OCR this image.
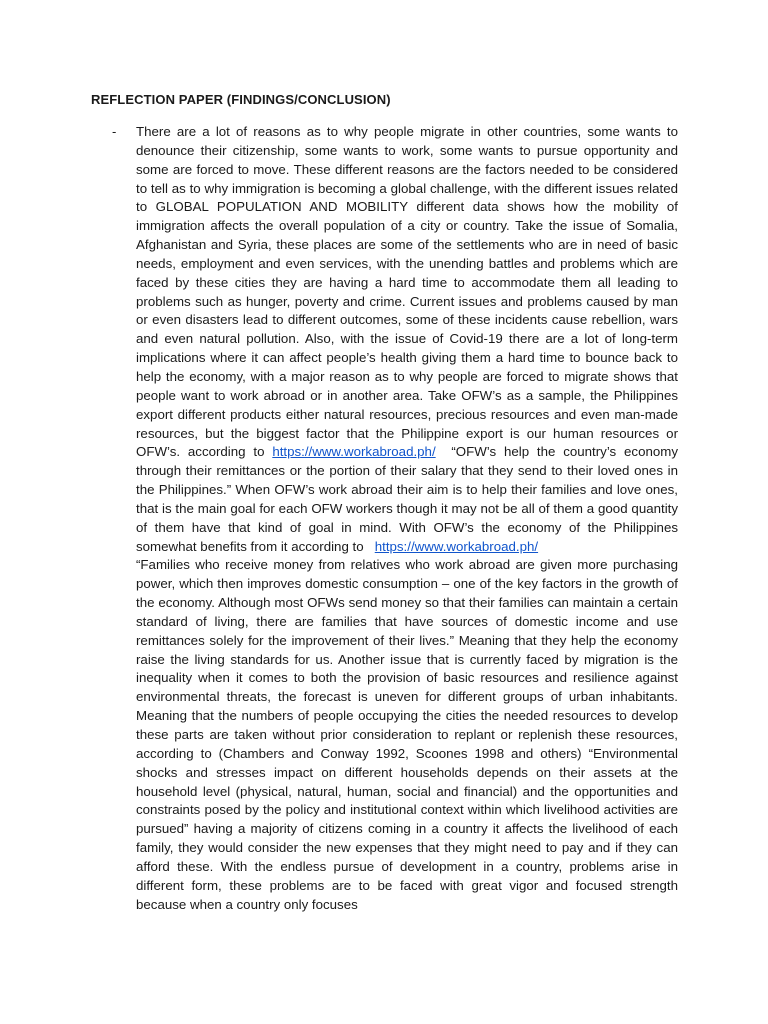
REFLECTION PAPER (FINDINGS/CONCLUSION)
- There are a lot of reasons as to why people migrate in other countries, some wants to denounce their citizenship, some wants to work, some wants to pursue opportunity and some are forced to move. These different reasons are the factors needed to be considered to tell as to why immigration is becoming a global challenge, with the different issues related to GLOBAL POPULATION AND MOBILITY different data shows how the mobility of immigration affects the overall population of a city or country. Take the issue of Somalia, Afghanistan and Syria, these places are some of the settlements who are in need of basic needs, employment and even services, with the unending battles and problems which are faced by these cities they are having a hard time to accommodate them all leading to problems such as hunger, poverty and crime. Current issues and problems caused by man or even disasters lead to different outcomes, some of these incidents cause rebellion, wars and even natural pollution. Also, with the issue of Covid-19 there are a lot of long-term implications where it can affect people’s health giving them a hard time to bounce back to help the economy, with a major reason as to why people are forced to migrate shows that people want to work abroad or in another area. Take OFW’s as a sample, the Philippines export different products either natural resources, precious resources and even man-made resources, but the biggest factor that the Philippine export is our human resources or OFW’s. according to https://www.workabroad.ph/ “OFW’s help the country’s economy through their remittances or the portion of their salary that they send to their loved ones in the Philippines.” When OFW’s work abroad their aim is to help their families and love ones, that is the main goal for each OFW workers though it may not be all of them a good quantity of them have that kind of goal in mind. With OFW’s the economy of the Philippines somewhat benefits from it according to https://www.workabroad.ph/

“Families who receive money from relatives who work abroad are given more purchasing power, which then improves domestic consumption – one of the key factors in the growth of the economy. Although most OFWs send money so that their families can maintain a certain standard of living, there are families that have sources of domestic income and use remittances solely for the improvement of their lives.” Meaning that they help the economy raise the living standards for us. Another issue that is currently faced by migration is the inequality when it comes to both the provision of basic resources and resilience against environmental threats, the forecast is uneven for different groups of urban inhabitants. Meaning that the numbers of people occupying the cities the needed resources to develop these parts are taken without prior consideration to replant or replenish these resources, according to (Chambers and Conway 1992, Scoones 1998 and others) “Environmental shocks and stresses impact on different households depends on their assets at the household level (physical, natural, human, social and financial) and the opportunities and constraints posed by the policy and institutional context within which livelihood activities are pursued” having a majority of citizens coming in a country it affects the livelihood of each family, they would consider the new expenses that they might need to pay and if they can afford these. With the endless pursue of development in a country, problems arise in different form, these problems are to be faced with great vigor and focused strength because when a country only focuses
